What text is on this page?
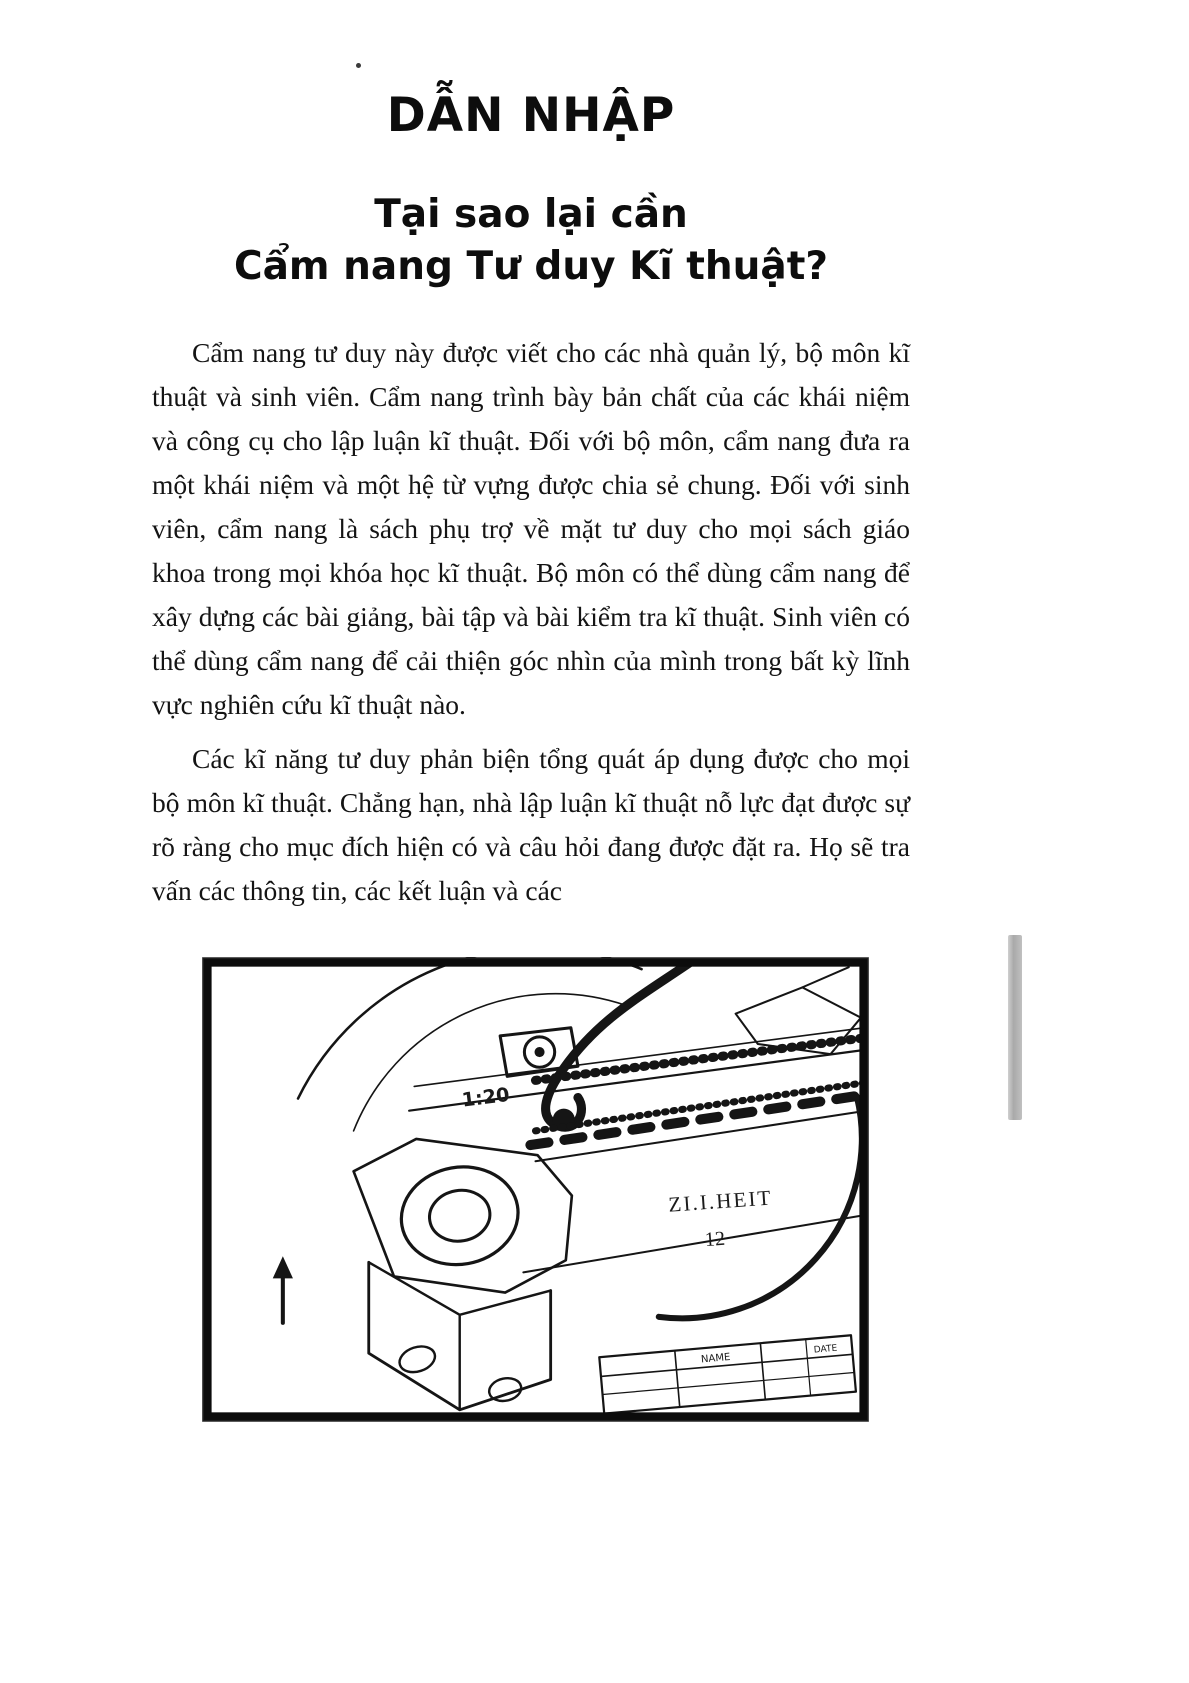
DẪN NHẬP
Tại sao lại cần
Cẩm nang Tư duy Kĩ thuật?

Cẩm nang tư duy này được viết cho các nhà quản lý, bộ môn kĩ thuật và sinh viên. Cẩm nang trình bày bản chất của các khái niệm và công cụ cho lập luận kĩ thuật. Đối với bộ môn, cẩm nang đưa ra một khái niệm và một hệ từ vựng được chia sẻ chung. Đối với sinh viên, cẩm nang là sách phụ trợ về mặt tư duy cho mọi sách giáo khoa trong mọi khóa học kĩ thuật. Bộ môn có thể dùng cẩm nang để xây dựng các bài giảng, bài tập và bài kiểm tra kĩ thuật. Sinh viên có thể dùng cẩm nang để cải thiện góc nhìn của mình trong bất kỳ lĩnh vực nghiên cứu kĩ thuật nào.

Các kĩ năng tư duy phản biện tổng quát áp dụng được cho mọi bộ môn kĩ thuật. Chẳng hạn, nhà lập luận kĩ thuật nỗ lực đạt được sự rõ ràng cho mục đích hiện có và câu hỏi đang được đặt ra. Họ sẽ tra vấn các thông tin, các kết luận và các

1:20
ZI.I.HEIT
12
NAME
DATE
